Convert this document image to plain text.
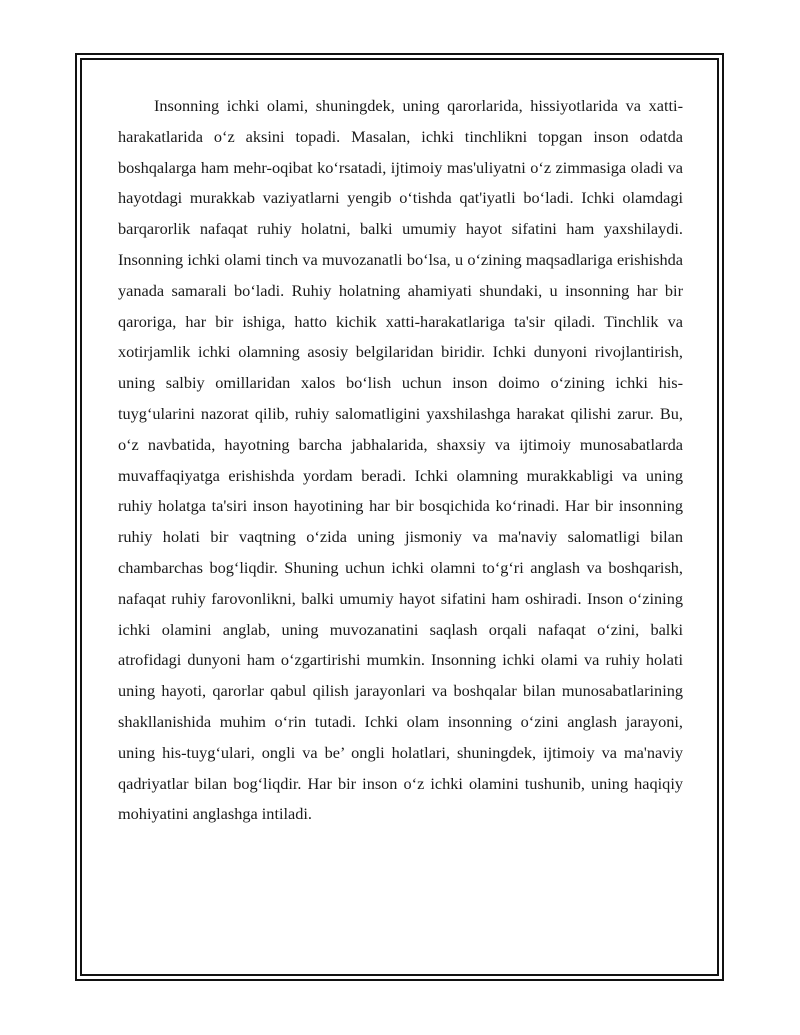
Insonning ichki olami, shuningdek, uning qarorlarida, hissiyotlarida va xatti-harakatlarida oʻz aksini topadi. Masalan, ichki tinchlikni topgan inson odatda boshqalarga ham mehr-oqibat koʻrsatadi, ijtimoiy mas'uliyatni oʻz zimmasiga oladi va hayotdagi murakkab vaziyatlarni yengib oʻtishda qat'iyatli boʻladi. Ichki olamdagi barqarorlik nafaqat ruhiy holatni, balki umumiy hayot sifatini ham yaxshilaydi. Insonning ichki olami tinch va muvozanatli boʻlsa, u oʻzining maqsadlariga erishishda yanada samarali boʻladi. Ruhiy holatning ahamiyati shundaki, u insonning har bir qaroriga, har bir ishiga, hatto kichik xatti-harakatlariga ta'sir qiladi. Tinchlik va xotirjamlik ichki olamning asosiy belgilaridan biridir. Ichki dunyoni rivojlantirish, uning salbiy omillaridan xalos boʻlish uchun inson doimo oʻzining ichki his-tuygʻularini nazorat qilib, ruhiy salomatligini yaxshilashga harakat qilishi zarur. Bu, oʻz navbatida, hayotning barcha jabhalarida, shaxsiy va ijtimoiy munosabatlarda muvaffaqiyatga erishishda yordam beradi. Ichki olamning murakkabligi va uning ruhiy holatga ta'siri inson hayotining har bir bosqichida koʻrinadi. Har bir insonning ruhiy holati bir vaqtning oʻzida uning jismoniy va ma'naviy salomatligi bilan chambarchas bogʻliqdir. Shuning uchun ichki olamni toʻgʻri anglash va boshqarish, nafaqat ruhiy farovonlikni, balki umumiy hayot sifatini ham oshiradi. Inson oʻzining ichki olamini anglab, uning muvozanatini saqlash orqali nafaqat oʻzini, balki atrofidagi dunyoni ham oʻzgartirishi mumkin. Insonning ichki olami va ruhiy holati uning hayoti, qarorlar qabul qilish jarayonlari va boshqalar bilan munosabatlarining shakllanishida muhim oʻrin tutadi. Ichki olam insonning oʻzini anglash jarayoni, uning his-tuygʻulari, ongli va be’ ongli holatlari, shuningdek, ijtimoiy va ma'naviy qadriyatlar bilan bogʻliqdir. Har bir inson oʻz ichki olamini tushunib, uning haqiqiy mohiyatini anglashga intiladi.
